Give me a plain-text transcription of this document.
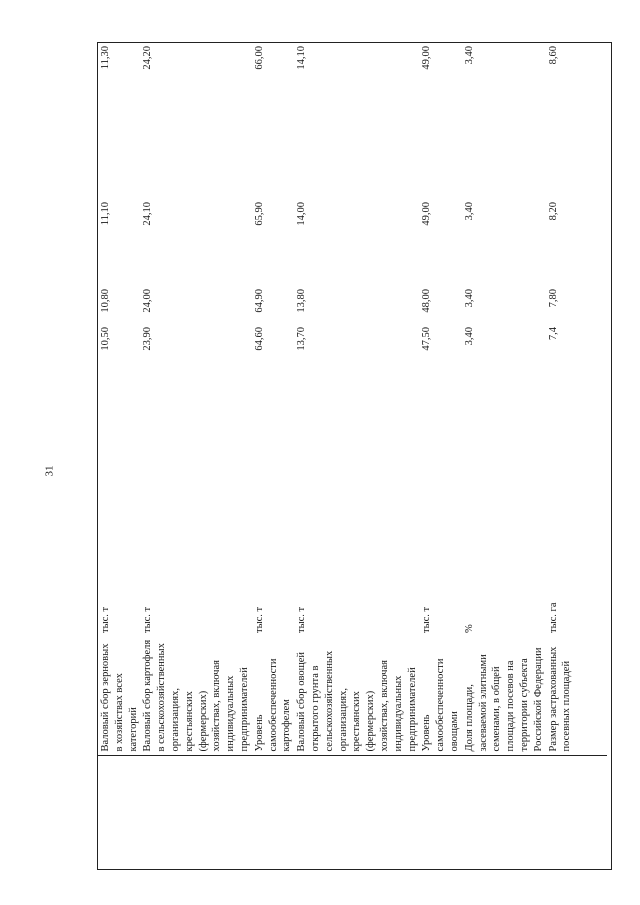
31
	Валовый сбор зерновых в хозяйствах всех категорий	тыс. т	10,50	10,80	11,10		11,30
	Валовый сбор картофеля в сельскохозяйственных организациях, крестьянских (фермерских) хозяйствах, включая индивидуальных предпринимателей	тыс. т	23,90	24,00	24,10		24,20
	Уровень самообеспеченности картофелем	тыс. т	64,60	64,90	65,90		66,00
	Валовый сбор овощей открытого грунта в сельскохозяйственных организациях, крестьянских (фермерских) хозяйствах, включая индивидуальных предпринимателей	тыс. т	13,70	13,80	14,00		14,10
	Уровень самообеспеченности овощами	тыс. т	47,50	48,00	49,00		49,00
	Доля площади, засеваемой элитными семенами, в общей площади посевов на территории субъекта Российской Федерации	%	3,40	3,40	3,40		3,40
	Размер застрахованных посевных площадей	тыс. га	7,4	7,80	8,20		8,60
